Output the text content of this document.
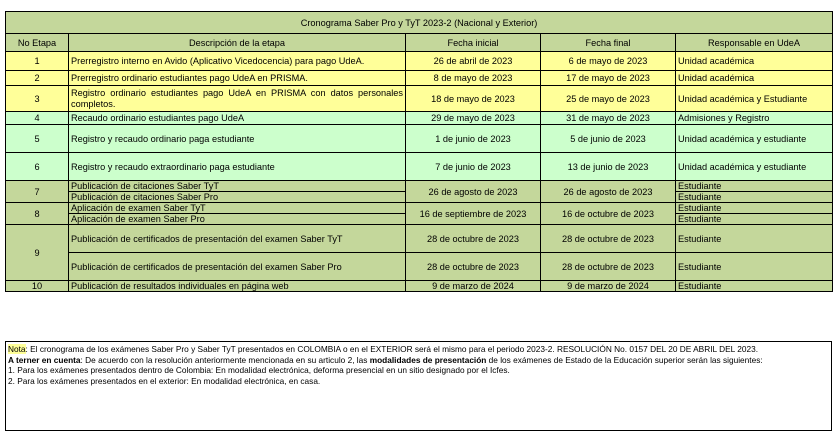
Cronograma Saber Pro y TyT 2023-2 (Nacional y Exterior)				
No Etapa	Descripción de la etapa	Fecha inicial	Fecha final	Responsable en UdeA
1	Prerregistro interno en Avido (Aplicativo Vicedocencia) para pago UdeA.	26 de abril de 2023	6 de mayo de 2023	Unidad académica
2	Prerregistro ordinario estudiantes pago UdeA en PRISMA.	8 de mayo de 2023	17 de mayo de 2023	Unidad académica
3	Registro ordinario estudiantes pago UdeA en PRISMA con datos personales completos.	18 de mayo de 2023	25 de mayo de 2023	Unidad académica y Estudiante
4	Recaudo ordinario estudiantes pago UdeA	29 de mayo de 2023	31 de mayo de 2023	Admisiones y Registro
5	Registro y recaudo ordinario paga estudiante	1 de junio de 2023	5 de junio de 2023	Unidad académica y estudiante
6	Registro y recaudo extraordinario paga estudiante	7 de junio de 2023	13 de junio de 2023	Unidad académica y estudiante
7	Publicación de citaciones Saber TyT	26 de agosto de 2023	26 de agosto de 2023	Estudiante
	Publicación de citaciones Saber Pro			Estudiante
8	Aplicación de examen Saber TyT	16 de septiembre de 2023	16 de octubre de 2023	Estudiante
	Aplicación de examen Saber Pro			Estudiante
9	Publicación de certificados de presentación del examen Saber TyT	28 de octubre de 2023	28 de octubre de 2023	Estudiante
	Publicación de certificados de presentación del examen Saber Pro	28 de octubre de 2023	28 de octubre de 2023	Estudiante
10	Publicación de resultados individuales en página web	9 de marzo de 2024	9 de marzo de 2024	Estudiante

Nota: El cronograma de los exámenes Saber Pro y Saber TyT presentados en COLOMBIA o en el EXTERIOR será el mismo para el periodo 2023-2. RESOLUCIÓN No. 0157 DEL 20 DE ABRIL DEL 2023.

A terner en cuenta: De acuerdo con la resolución anteriormente mencionada en su articulo 2, las modalidades de presentación de los exámenes de Estado de la Educación superior serán las siguientes:

1. Para los exámenes presentados dentro de Colombia: En modalidad electrónica, deforma presencial en un sitio designado por el Icfes.

2. Para los exámenes presentados en el exterior: En modalidad electrónica, en casa.
